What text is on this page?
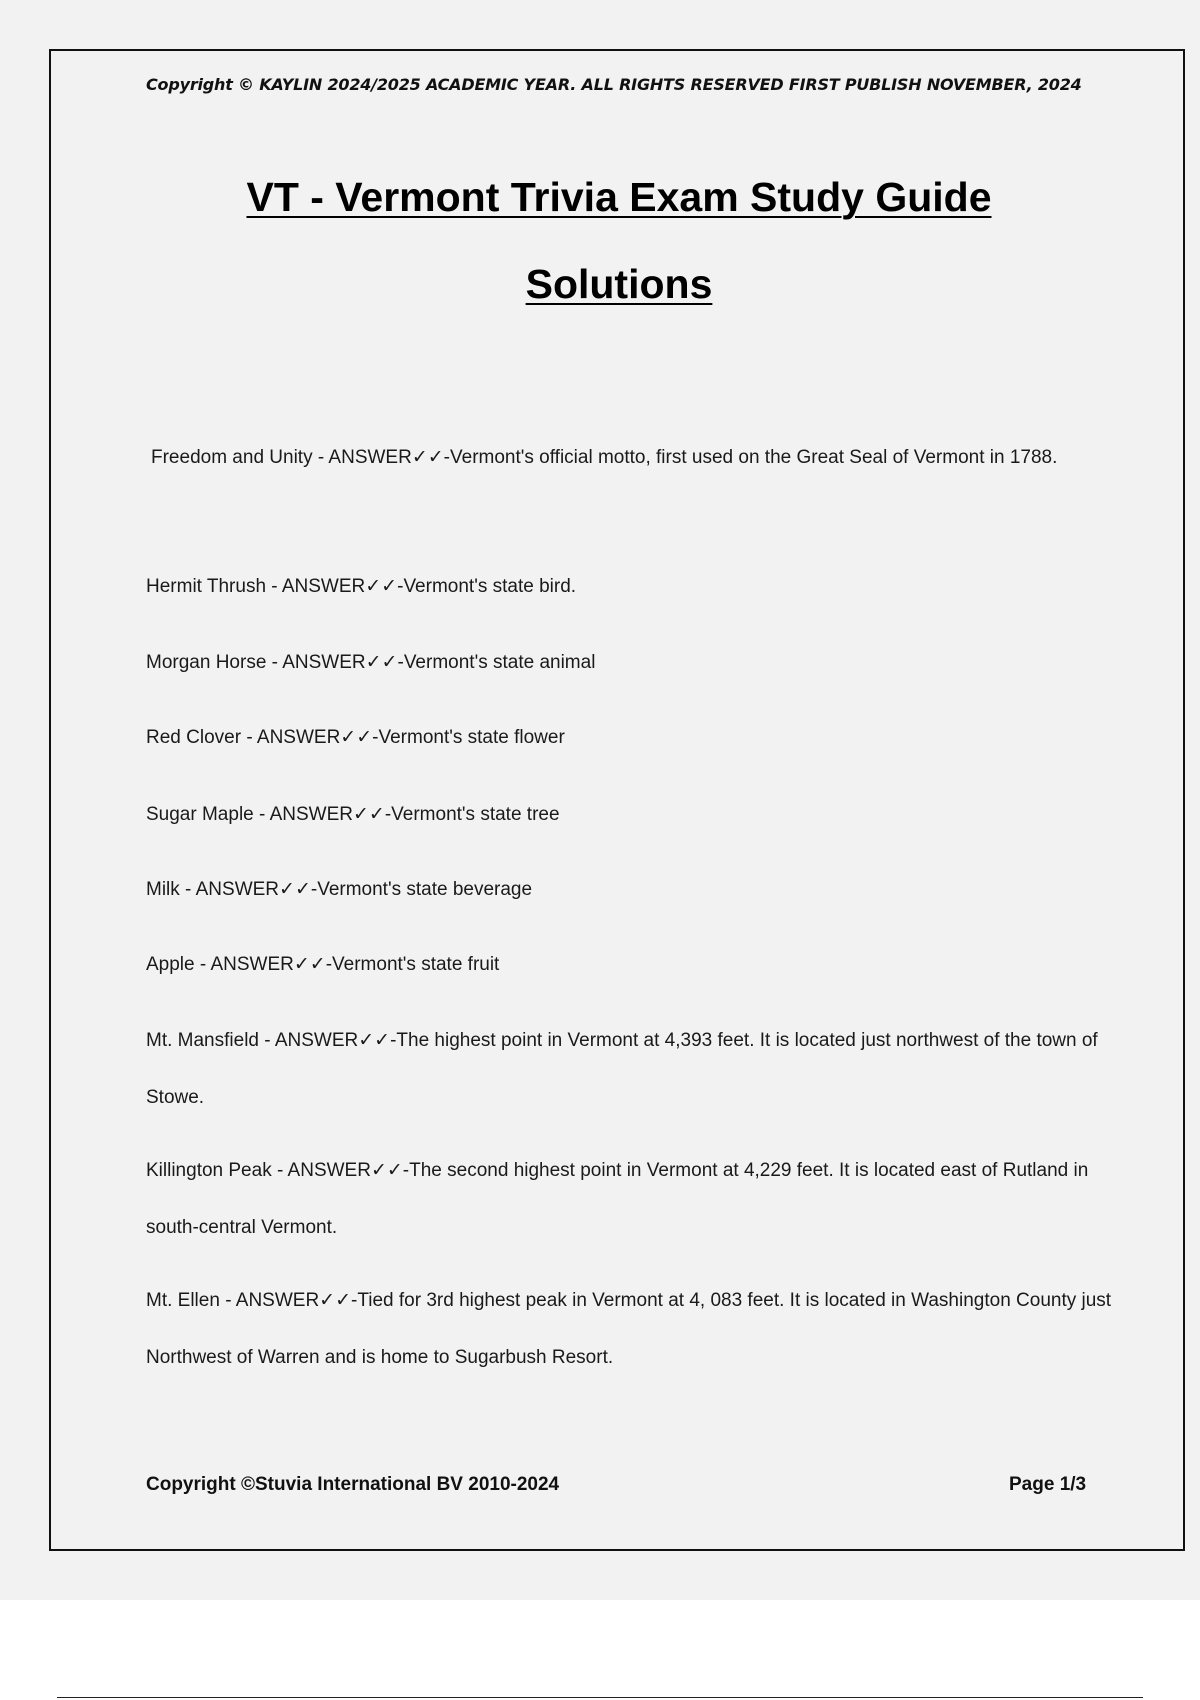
Copyright © KAYLIN 2024/2025 ACADEMIC YEAR. ALL RIGHTS RESERVED FIRST PUBLISH NOVEMBER, 2024
VT - Vermont Trivia Exam Study Guide
Solutions
Freedom and Unity - ANSWER✓✓-Vermont's official motto, first used on the Great Seal of Vermont in 1788.
Hermit Thrush - ANSWER✓✓-Vermont's state bird.
Morgan Horse - ANSWER✓✓-Vermont's state animal
Red Clover - ANSWER✓✓-Vermont's state flower
Sugar Maple - ANSWER✓✓-Vermont's state tree
Milk - ANSWER✓✓-Vermont's state beverage
Apple - ANSWER✓✓-Vermont's state fruit
Mt. Mansfield - ANSWER✓✓-The highest point in Vermont at 4,393 feet. It is located just northwest of the town of Stowe.
Killington Peak - ANSWER✓✓-The second highest point in Vermont at 4,229 feet. It is located east of Rutland in south-central Vermont.
Mt. Ellen - ANSWER✓✓-Tied for 3rd highest peak in Vermont at 4, 083 feet. It is located in Washington County just Northwest of Warren and is home to Sugarbush Resort.
Copyright ©Stuvia International BV 2010-2024	Page 1/3
